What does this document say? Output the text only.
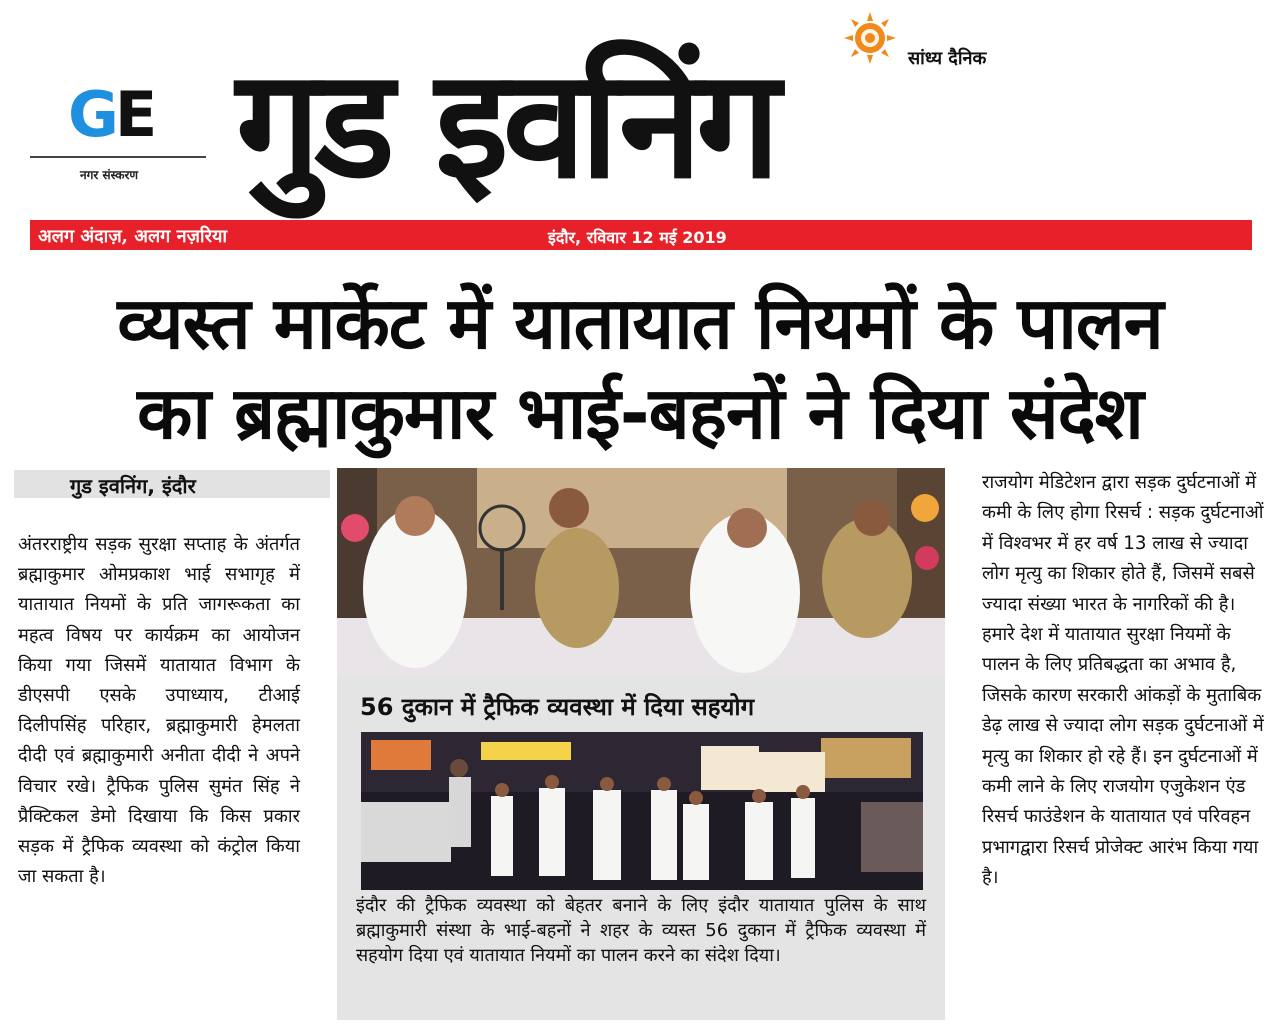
GE
नगर संस्करण गुड इवनिंग	सांध्य दैनिक
अलग अंदाज़, अलग नज़रिया	इंदौर, रविवार 12 मई 2019
व्यस्त मार्केट में यातायात नियमों के पालन
का ब्रह्माकुमार भाई-बहनों ने दिया संदेश
गुड इवनिंग, इंदौर
अंतरराष्ट्रीय सड़क सुरक्षा सप्ताह के अंतर्गत ब्रह्माकुमार ओमप्रकाश भाई सभागृह में यातायात नियमों के प्रति जागरूकता का महत्व विषय पर कार्यक्रम का आयोजन किया गया जिसमें यातायात विभाग के डीएसपी एसके उपाध्याय, टीआई दिलीपसिंह परिहार, ब्रह्माकुमारी हेमलता दीदी एवं ब्रह्माकुमारी अनीता दीदी ने अपने विचार रखे। ट्रैफिक पुलिस सुमंत सिंह ने प्रैक्टिकल डेमो दिखाया कि किस प्रकार सड़क में ट्रैफिक व्यवस्था को कंट्रोल किया जा सकता है।
56 दुकान में ट्रैफिक व्यवस्था में दिया सहयोग
इंदौर की ट्रैफिक व्यवस्था को बेहतर बनाने के लिए इंदौर यातायात पुलिस के साथ ब्रह्माकुमारी संस्था के भाई-बहनों ने शहर के व्यस्त 56 दुकान में ट्रैफिक व्यवस्था में सहयोग दिया एवं यातायात नियमों का पालन करने का संदेश दिया।
राजयोग मेडिटेशन द्वारा सड़क दुर्घटनाओं में कमी के लिए होगा रिसर्च : सड़क दुर्घटनाओं में विश्वभर में हर वर्ष 13 लाख से ज्यादा लोग मृत्यु का शिकार होते हैं, जिसमें सबसे ज्यादा संख्या भारत के नागरिकों की है। हमारे देश में यातायात सुरक्षा नियमों के पालन के लिए प्रतिबद्धता का अभाव है, जिसके कारण सरकारी आंकड़ों के मुताबिक डेढ़ लाख से ज्यादा लोग सड़क दुर्घटनाओं में मृत्यु का शिकार हो रहे हैं। इन दुर्घटनाओं में कमी लाने के लिए राजयोग एजुकेशन एंड रिसर्च फाउंडेशन के यातायात एवं परिवहन प्रभागद्वारा रिसर्च प्रोजेक्ट आरंभ किया गया है।
